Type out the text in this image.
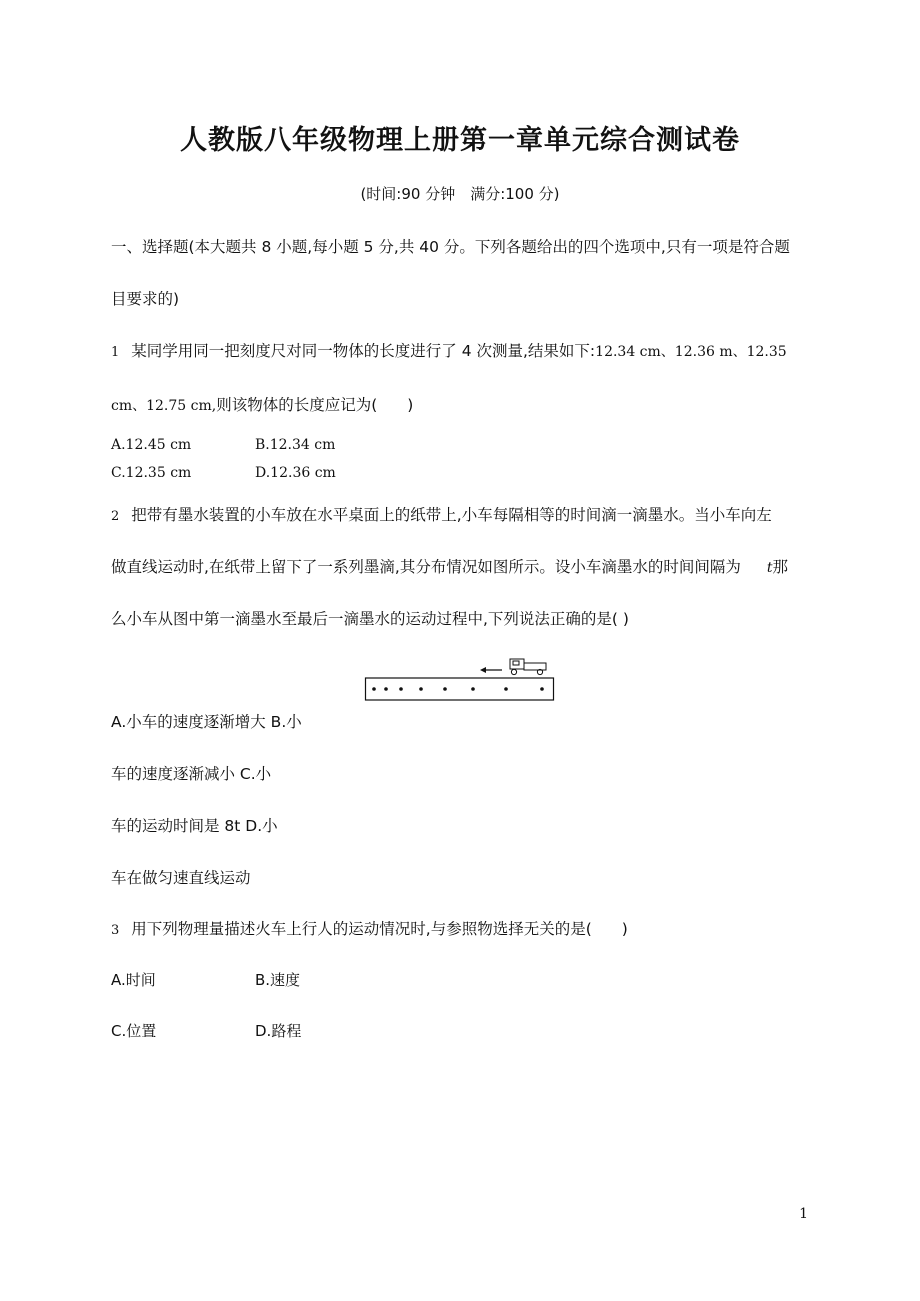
人教版八年级物理上册第一章单元综合测试卷
(时间:90 分钟　满分:100 分)
一、选择题(本大题共 8 小题,每小题 5 分,共 40 分。下列各题给出的四个选项中,只有一项是符合题
目要求的)
1 某同学用同一把刻度尺对同一物体的长度进行了 4 次测量,结果如下:12.34 cm、12.36 m、12.35
cm、12.75 cm,则该物体的长度应记为( )
A.12.45 cm	B.12.34 cm
C.12.35 cm	D.12.36 cm
2 把带有墨水装置的小车放在水平桌面上的纸带上,小车每隔相等的时间滴一滴墨水。当小车向左
做直线运动时,在纸带上留下了一系列墨滴,其分布情况如图所示。设小车滴墨水的时间间隔为 t那
么小车从图中第一滴墨水至最后一滴墨水的运动过程中,下列说法正确的是( )
A.小车的速度逐渐增大 B.小
车的速度逐渐减小 C.小
车的运动时间是 8t D.小
车在做匀速直线运动
3 用下列物理量描述火车上行人的运动情况时,与参照物选择无关的是( )
A.时间	B.速度
C.位置	D.路程
1
